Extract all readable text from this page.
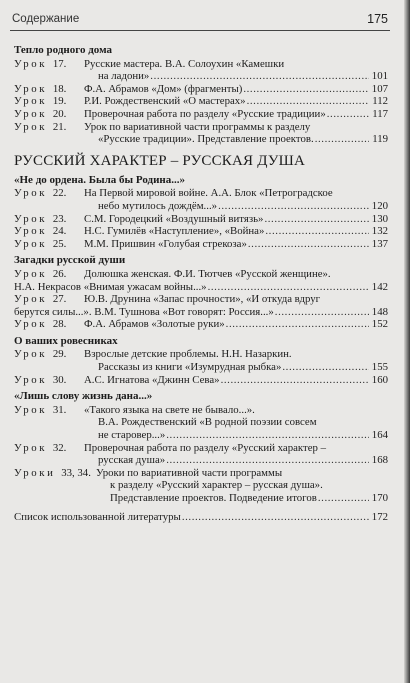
Содержание	175
Тепло родного дома
Урок 17. Русские мастера. В.А. Солоухин «Камешки
на ладони» .....	101
Урок 18. Ф.А. Абрамов «Дом» (фрагменты) .....	107
Урок 19. Р.И. Рождественский «О мастерах» .....	112
Урок 20. Проверочная работа по разделу «Русские традиции» .....	117
Урок 21. Урок по вариативной части программы к разделу
«Русские традиции». Представление проектов. .....	119
РУССКИЙ ХАРАКТЕР – РУССКАЯ ДУША
«Не до ордена. Была бы Родина...»
Урок 22. На Первой мировой войне. А.А. Блок «Петроградское
небо мутилось дождём...» .....	120
Урок 23. С.М. Городецкий «Воздушный витязь» .....	130
Урок 24. Н.С. Гумилёв «Наступление», «Война» .....	132
Урок 25. М.М. Пришвин «Голубая стрекоза» .....	137
Загадки русской души
Урок 26. Долюшка женская. Ф.И. Тютчев «Русской женщине».
Н.А. Некрасов «Внимая ужасам войны...» .....	142
Урок 27. Ю.В. Друнина «Запас прочности», «И откуда вдруг
берутся силы...». В.М. Тушнова «Вот говорят: Россия...» .....	148
Урок 28. Ф.А. Абрамов «Золотые руки» .....	152
О ваших ровесниках
Урок 29. Взрослые детские проблемы. Н.Н. Назаркин.
Рассказы из книги «Изумрудная рыбка» .....	155
Урок 30. А.С. Игнатова «Джинн Сева» .....	160
«Лишь слову жизнь дана...»
Урок 31. «Такого языка на свете не бывало...».
В.А. Рождественский «В родной поэзии совсем
не старовер...» .....	164
Урок 32. Проверочная работа по разделу «Русский характер –
русская душа» .....	168
Уроки 33, 34. Уроки по вариативной части программы
к разделу «Русский характер – русская душа».
Представление проектов. Подведение итогов .....	170
Список использованной литературы .....	172
